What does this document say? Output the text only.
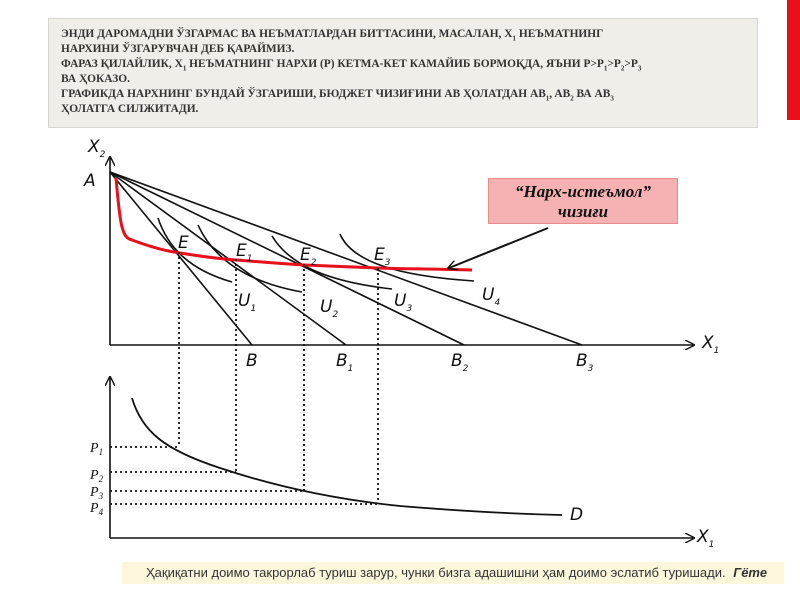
ЭНДИ ДАРОМАДНИ ЎЗГАРМАС ВА НЕЪМАТЛАРДАН БИТТАСИНИ, МАСАЛАН, $X_1$ НЕЪМАТНИНГ

НАРХИНИ ЎЗГАРУВЧАН ДЕБ ҚАРАЙМИЗ.

ФАРАЗ ҚИЛАЙЛИК, $X_1$ НЕЪМАТНИНГ НАРХИ (Р) КЕТМА-КЕТ КАМАЙИБ БОРМОҚДА, ЯЪНИ $Р>Р_1>Р_2>Р_3$

ВА ҲОКАЗО.

ГРАФИКДА НАРХНИНГ БУНДАЙ ЎЗГАРИШИ, БЮДЖЕТ ЧИЗИҒИНИ AB ҲОЛАТДАН $AB_1$, $AB_2$ ВА $AB_3$

ҲОЛАТГА СИЛЖИТАДИ.

$X_2$
$X_1$
A
E	$E_1$	$E_2$	$E_3$
$U_1$	$U_2$
$U_3$
$U_4$
B	$B_1$	$B_2$	$B_3$
$X_1$
D
$P_1$
$P_2$
$P_3$
$P_4$
“Нарх-истеъмол” чизиғи
Ҳақиқатни доимо такрорлаб туриш зарур, чунки бизга адашишни ҳам доимо эслатиб туришади. Гёте
